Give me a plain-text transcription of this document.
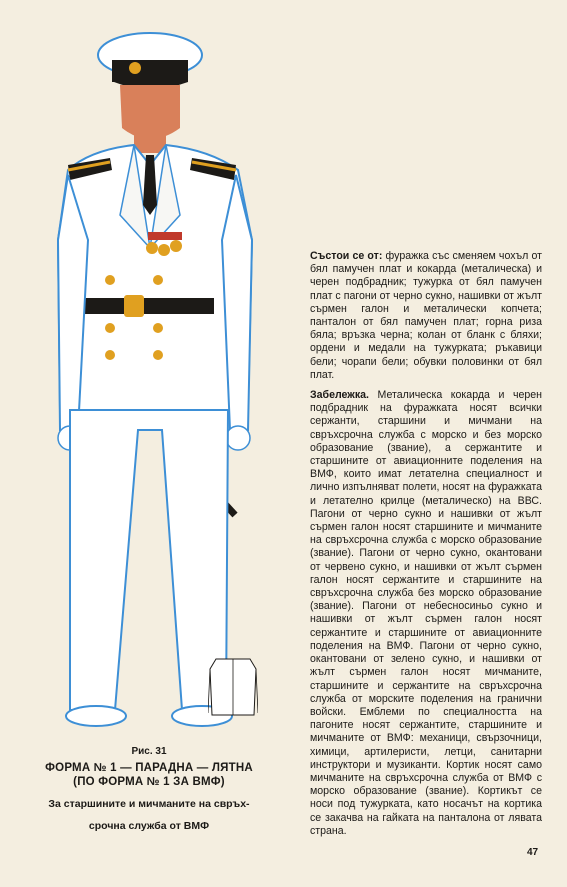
Рис. 31
ФОРМА № 1 — ПАРАДНА — ЛЯТНА
(ПО ФОРМА № 1 ЗА ВМФ)
За старшините и мичманите на свръх-
срочна служба от ВМФ

Състои се от: фуражка със сменяем чохъл от бял памучен плат и кокарда (металическа) и черен подбрадник; тужурка от бял памучен плат с пагони от черно сукно, нашивки от жълт сърмен галон и металически копчета; панталон от бял памучен плат; горна риза бяла; връзка черна; колан от бланк с бляхи; ордени и медали на тужурката; ръкавици бели; чорапи бели; обувки половинки от бял плат.

Забележка. Металическа кокарда и черен подбрадник на фуражката носят всички сержанти, старшини и мичмани на свръхсрочна служба с морско и без морско образование (звание), а сержантите и старшините от авиационните поделения на ВМФ, които имат летателна специалност и лично изпълняват полети, носят на фуражката и летателно крилце (металическо) на ВВС. Пагони от черно сукно и нашивки от жълт сърмен галон носят старшините и мичманите на свръхсрочна служба с морско образование (звание). Пагони от черно сукно, окантовани от червено сукно, и нашивки от жълт сърмен галон носят сержантите и старшините на свръхсрочна служба без морско образование (звание). Пагони от небесносиньо сукно и нашивки от жълт сърмен галон носят сержантите и старшините от авиационните поделения на ВМФ. Пагони от черно сукно, окантовани от зелено сукно, и нашивки от жълт сърмен галон носят мичманите, старшините и сержантите на свръхсрочна служба от морските поделения на гранични войски. Емблеми по специалността на пагоните носят сержантите, старшините и мичманите от ВМФ: механици, свързочници, химици, артилеристи, летци, санитарни инструктори и музиканти. Кортик носят само мичманите на свръхсрочна служба от ВМФ с морско образование (звание). Кортикът се носи под тужурката, като носачът на кортика се закачва на гайката на панталона от лявата страна.

47
